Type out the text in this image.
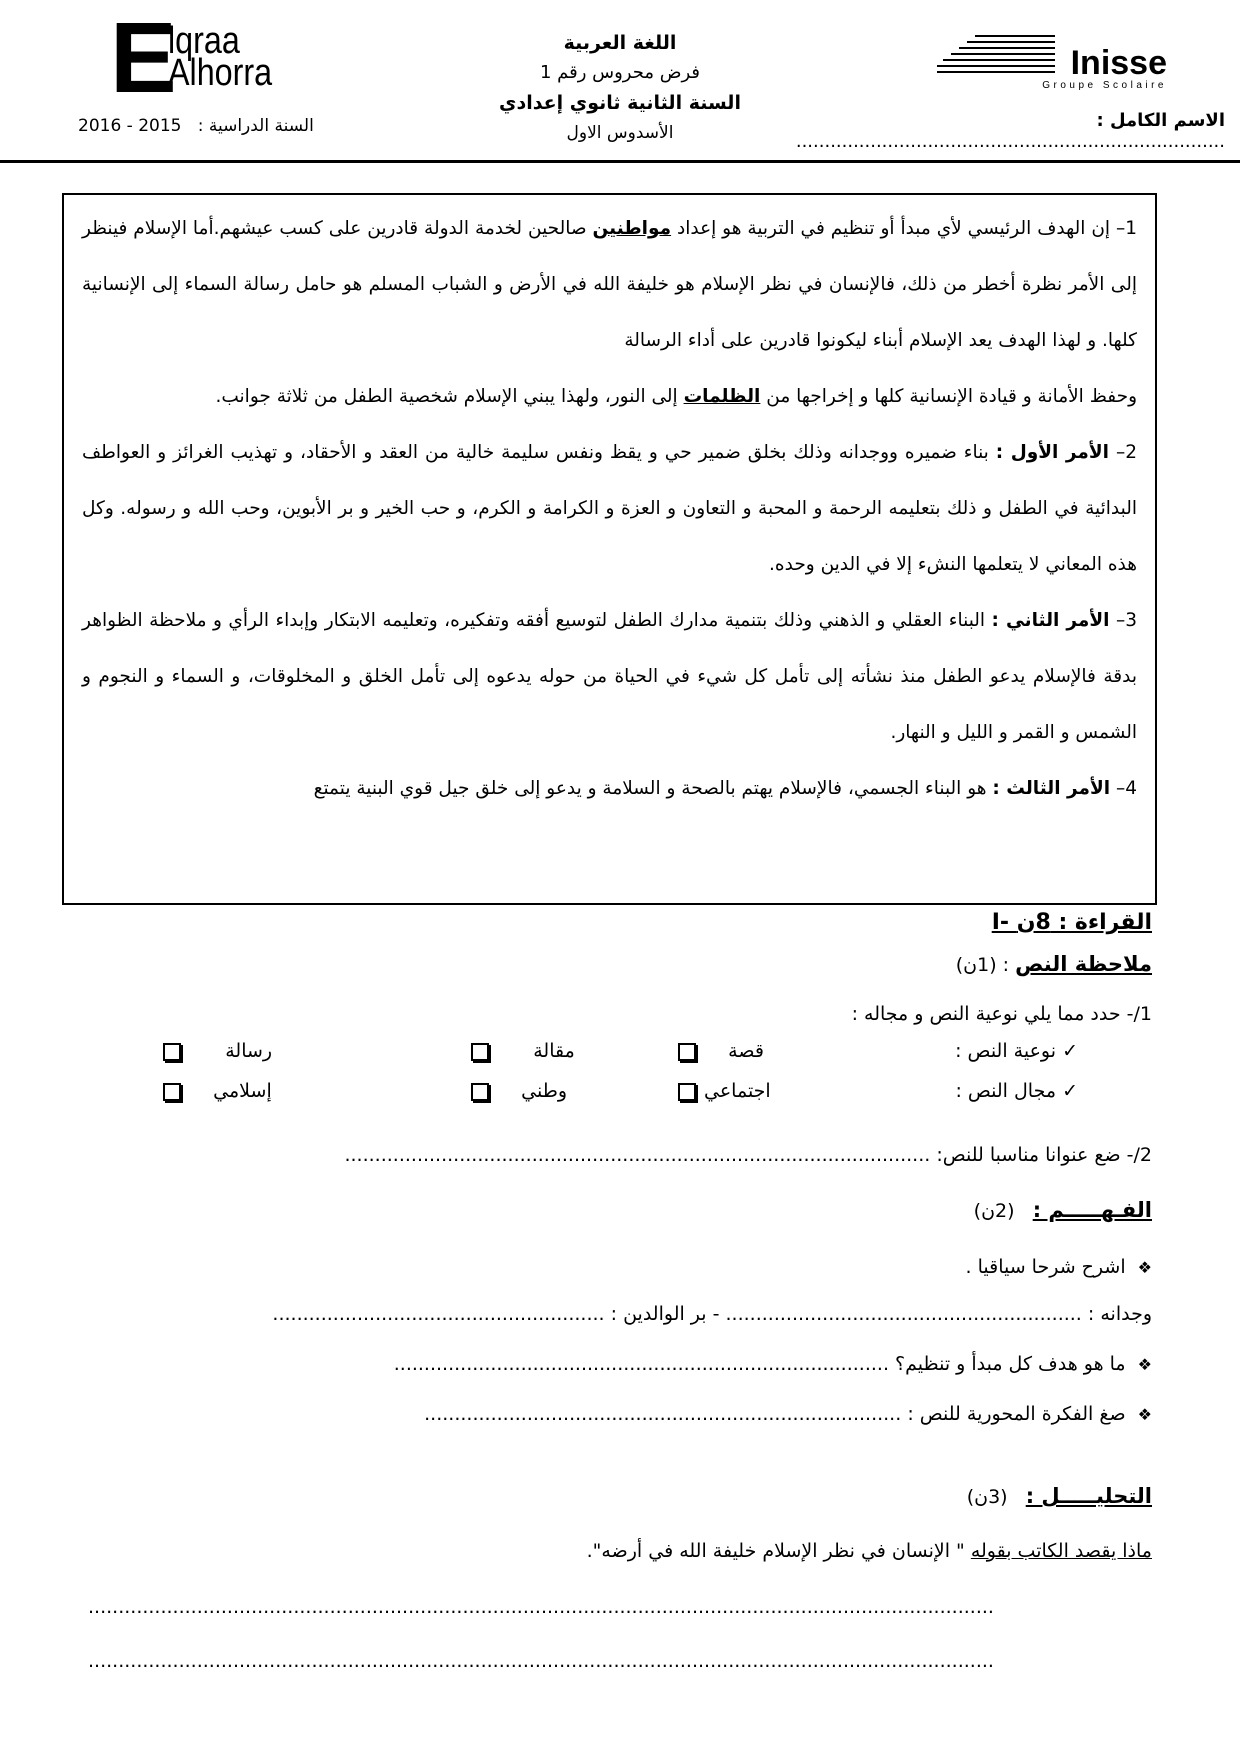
E
lqraa
Alhorra
السنة الدراسية :   2016 - 2015
اللغة العربية
فرض محروس رقم 1
السنة الثانية ثانوي إعدادي
الأسدوس الاول
Inisse
Groupe Scolaire
الاسم الكامل : ...........................................................................

1– إن الهدف الرئيسي لأي مبدأ أو تنظيم في التربية هو إعداد مواطنين صالحين لخدمة الدولة قادرين على كسب عيشهم.أما الإسلام فينظر إلى الأمر نظرة أخطر من ذلك، فالإنسان في نظر الإسلام هو خليفة الله في الأرض و الشباب المسلم هو حامل رسالة السماء إلى الإنسانية كلها. و لهذا الهدف يعد الإسلام أبناء ليكونوا قادرين على أداء الرسالة

وحفظ الأمانة و قيادة الإنسانية كلها و إخراجها من الظلمات إلى النور، ولهذا يبني الإسلام شخصية الطفل من ثلاثة جوانب.

2– الأمر الأول : بناء ضميره ووجدانه وذلك بخلق ضمير حي و يقظ ونفس سليمة خالية من العقد و الأحقاد، و تهذيب الغرائز و العواطف البدائية في الطفل و ذلك بتعليمه الرحمة و المحبة و التعاون و العزة و الكرامة و الكرم، و حب الخير و بر الأبوين، وحب الله و رسوله. وكل هذه المعاني لا يتعلمها النشء إلا في الدين وحده.

3– الأمر الثاني : البناء العقلي و الذهني وذلك بتنمية مدارك الطفل لتوسيع أفقه وتفكيره، وتعليمه الابتكار وإبداء الرأي و ملاحظة الظواهر بدقة فالإسلام يدعو الطفل منذ نشأته إلى تأمل كل شيء في الحياة من حوله يدعوه إلى تأمل الخلق و المخلوقات، و السماء و النجوم و الشمس و القمر و الليل و النهار.

4– الأمر الثالث : هو البناء الجسمي، فالإسلام يهتم بالصحة و السلامة و يدعو إلى خلق جيل قوي البنية يتمتع

I- القراءة : 8ن
ملاحظة النص : (1ن)
1/- حدد مما يلي نوعية النص و مجاله :
✓ نوعية النص :
قصة
مقالة
رسالة
✓ مجال النص :
اجتماعي
وطني
إسلامي
2/- ضع عنوانا مناسبا للنص: .................................................................................................
الفـهـــــم :   (2ن)
❖ اشرح شرحا سياقيا .
وجدانه : ........................................................... - بر الوالدين : .......................................................
❖ ما هو هدف كل مبدأ و تنظيم؟ ..................................................................................
❖ صغ الفكرة المحورية للنص : ...............................................................................
التحليـــــل :   (3ن)
ماذا يقصد الكاتب بقوله " الإنسان في نظر الإسلام خليفة الله في أرضه".
......................................................................................................................................................
......................................................................................................................................................
